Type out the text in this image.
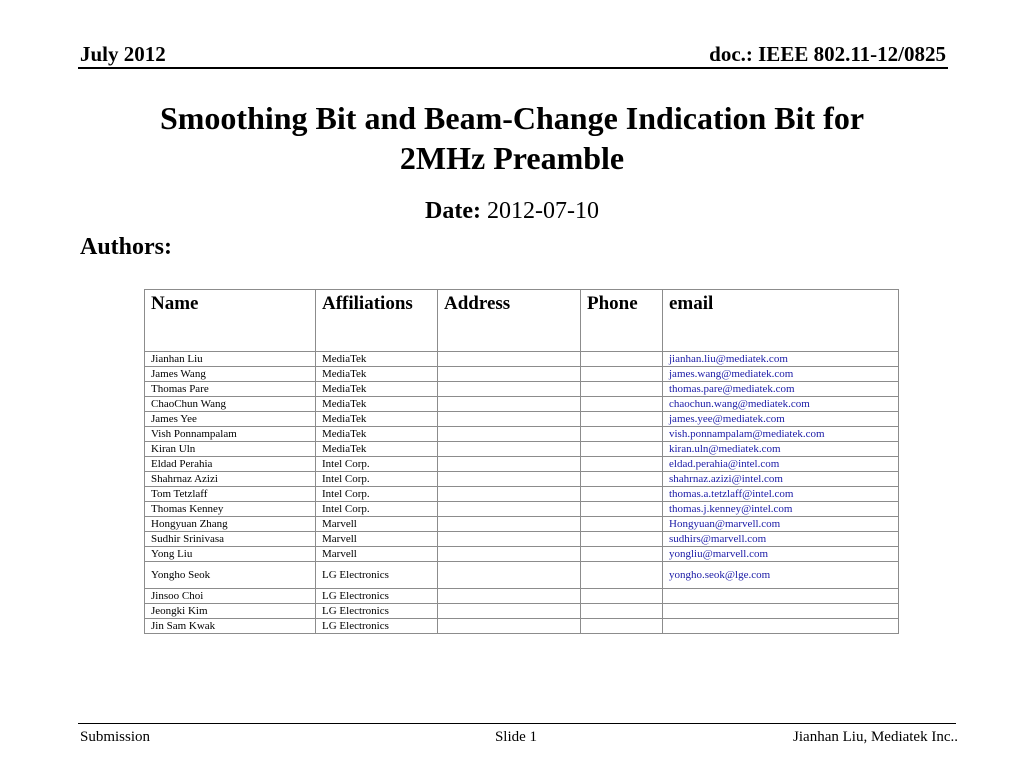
July 2012	doc.: IEEE 802.11-12/0825
Smoothing Bit and Beam-Change Indication Bit for
2MHz Preamble
Date: 2012-07-10
Authors:
Name	Affiliations	Address	Phone	email
Jianhan Liu	MediaTek			jianhan.liu@mediatek.com
James Wang	MediaTek			james.wang@mediatek.com
Thomas Pare	MediaTek			thomas.pare@mediatek.com
ChaoChun Wang	MediaTek			chaochun.wang@mediatek.com
James Yee	MediaTek			james.yee@mediatek.com
Vish Ponnampalam	MediaTek			vish.ponnampalam@mediatek.com
Kiran Uln	MediaTek			kiran.uln@mediatek.com
Eldad Perahia	Intel Corp.			eldad.perahia@intel.com
Shahrnaz Azizi	Intel Corp.			shahrnaz.azizi@intel.com
Tom Tetzlaff	Intel Corp.			thomas.a.tetzlaff@intel.com
Thomas Kenney	Intel Corp.			thomas.j.kenney@intel.com
Hongyuan Zhang	Marvell			Hongyuan@marvell.com
Sudhir Srinivasa	Marvell			sudhirs@marvell.com
Yong Liu	Marvell			yongliu@marvell.com
Yongho Seok	LG Electronics			yongho.seok@lge.com
Jinsoo Choi	LG Electronics			
Jeongki Kim	LG Electronics			
Jin Sam Kwak	LG Electronics			
Submission	Slide 1	Jianhan Liu, Mediatek Inc..
